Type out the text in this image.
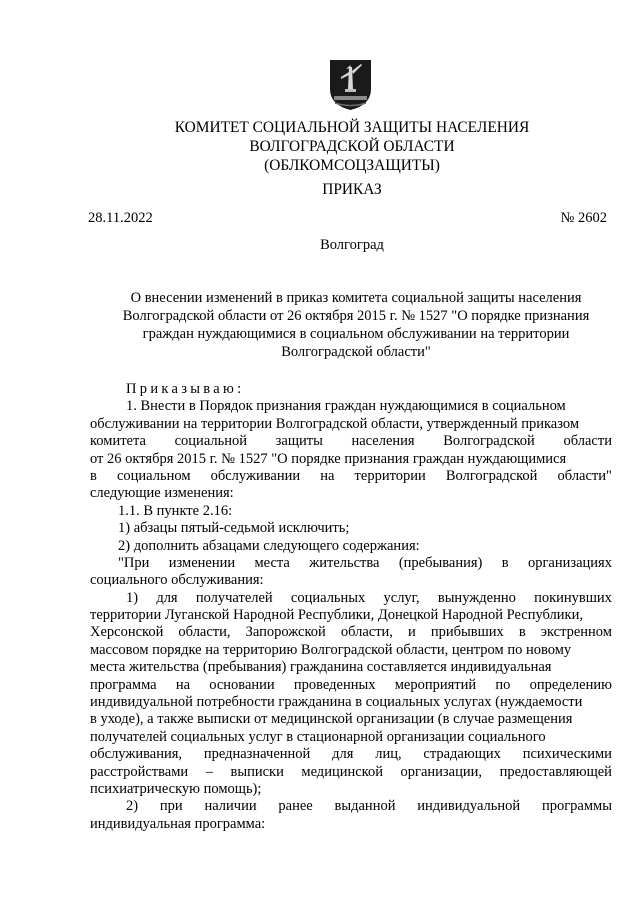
КОМИТЕТ СОЦИАЛЬНОЙ ЗАЩИТЫ НАСЕЛЕНИЯ
ВОЛГОГРАДСКОЙ ОБЛАСТИ
(ОБЛКОМСОЦЗАЩИТЫ)
ПРИКАЗ
28.11.2022	№ 2602
Волгоград
О внесении изменений в приказ комитета социальной защиты населения
Волгоградской области от 26 октября 2015 г. № 1527 "О порядке признания
граждан нуждающимися в социальном обслуживании на территории
Волгоградской области"
Приказываю:
1. Внести в Порядок признания граждан нуждающимися в социальном
обслуживании на территории Волгоградской области, утвержденный приказом
комитета социальной защиты населения Волгоградской области
от 26 октября 2015 г. № 1527 "О порядке признания граждан нуждающимися
в социальном обслуживании на территории Волгоградской области"
следующие изменения:
1.1. В пункте 2.16:
1) абзацы пятый-седьмой исключить;
2) дополнить абзацами следующего содержания:
"При изменении места жительства (пребывания) в организациях
социального обслуживания:
1) для получателей социальных услуг, вынужденно покинувших
территории Луганской Народной Республики, Донецкой Народной Республики,
Херсонской области, Запорожской области, и прибывших в экстренном
массовом порядке на территорию Волгоградской области, центром по новому
места жительства (пребывания) гражданина составляется индивидуальная
программа на основании проведенных мероприятий по определению
индивидуальной потребности гражданина в социальных услугах (нуждаемости
в уходе), а также выписки от медицинской организации (в случае размещения
получателей социальных услуг в стационарной организации социального
обслуживания, предназначенной для лиц, страдающих психическими
расстройствами – выписки медицинской организации, предоставляющей
психиатрическую помощь);
2) при наличии ранее выданной индивидуальной программы
индивидуальная программа:
